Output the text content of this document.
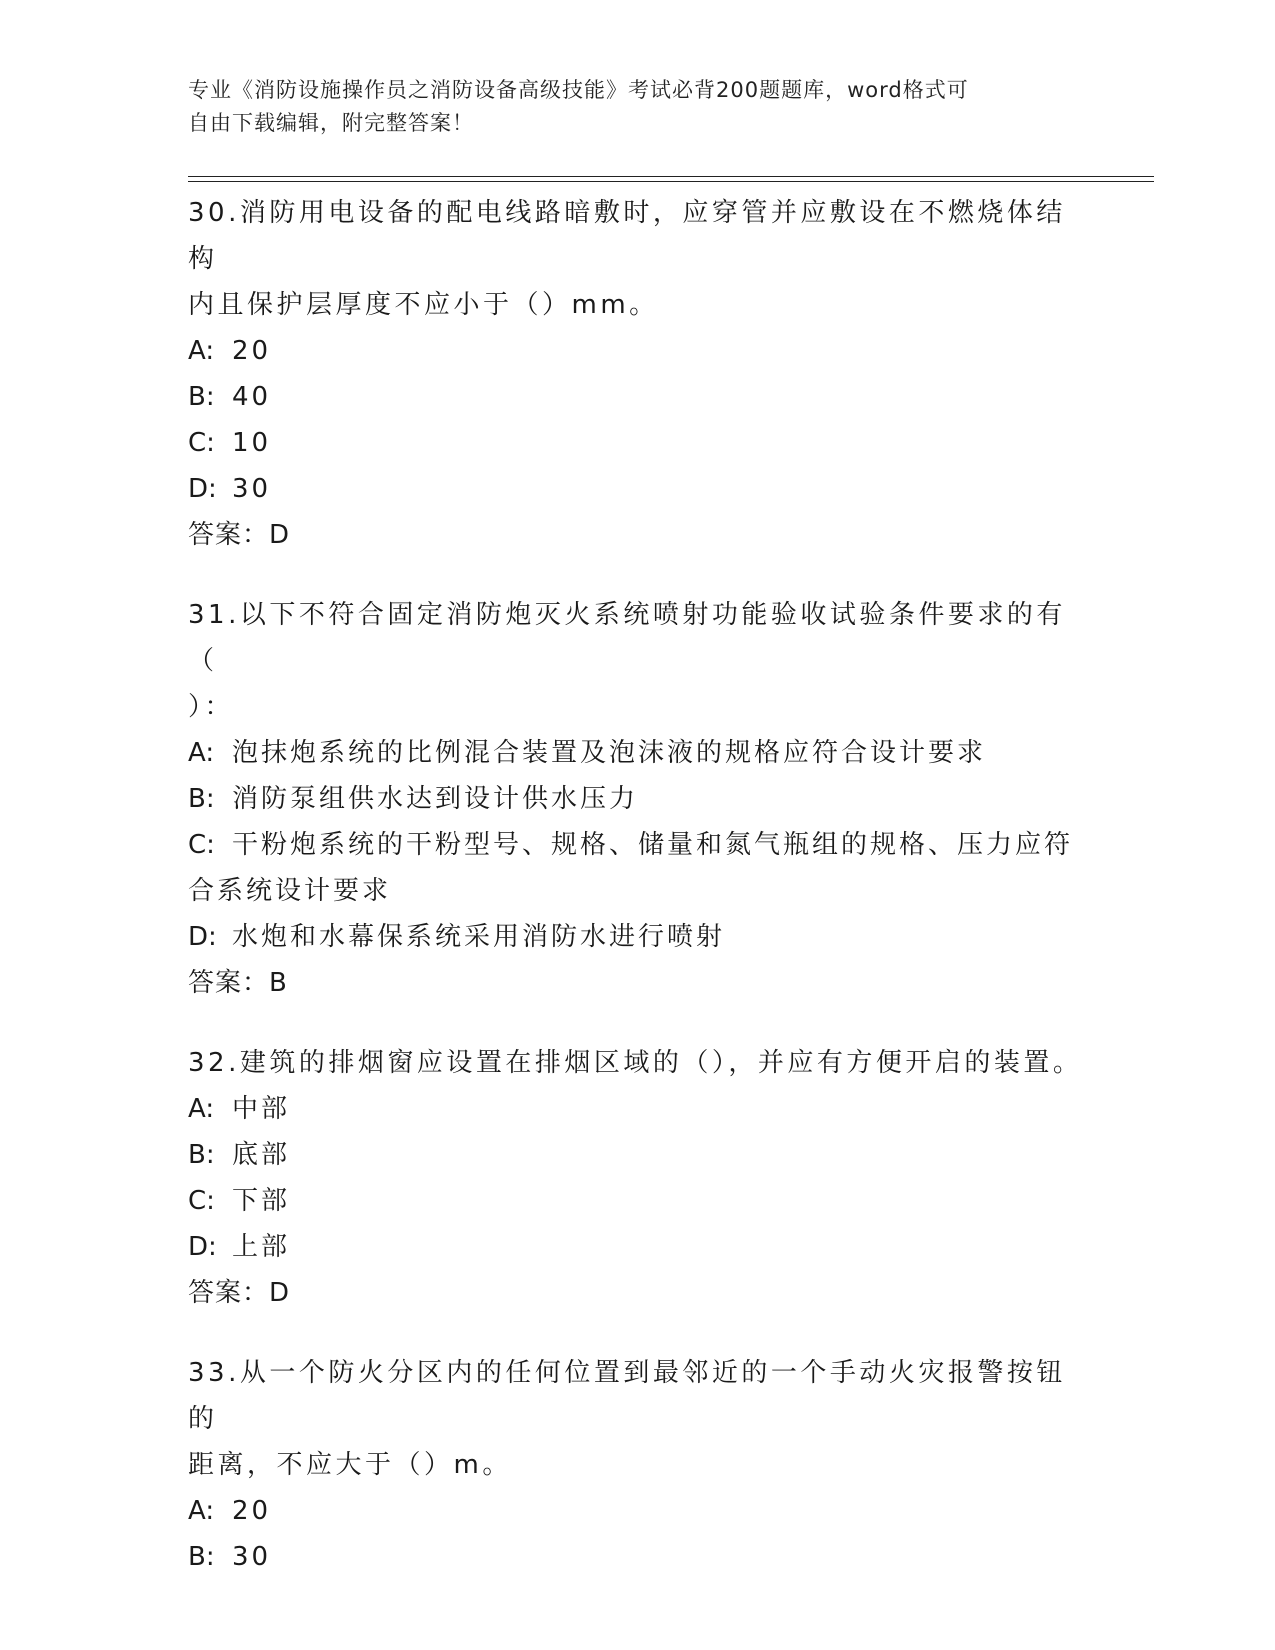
专业《消防设施操作员之消防设备高级技能》考试必背200题题库，word格式可
自由下载编辑，附完整答案！

30.消防用电设备的配电线路暗敷时，应穿管并应敷设在不燃烧体结构

内且保护层厚度不应小于（）mm。

A: 20

B: 40

C: 10

D: 30

答案：D

31.以下不符合固定消防炮灭火系统喷射功能验收试验条件要求的有（

）：

A: 泡抹炮系统的比例混合装置及泡沫液的规格应符合设计要求

B: 消防泵组供水达到设计供水压力

C: 干粉炮系统的干粉型号、规格、储量和氮气瓶组的规格、压力应符

合系统设计要求

D: 水炮和水幕保系统采用消防水进行喷射

答案：B

32.建筑的排烟窗应设置在排烟区域的（），并应有方便开启的装置。

A: 中部

B: 底部

C: 下部

D: 上部

答案：D

33.从一个防火分区内的任何位置到最邻近的一个手动火灾报警按钮的

距离，不应大于（）m。

A: 20

B: 30
